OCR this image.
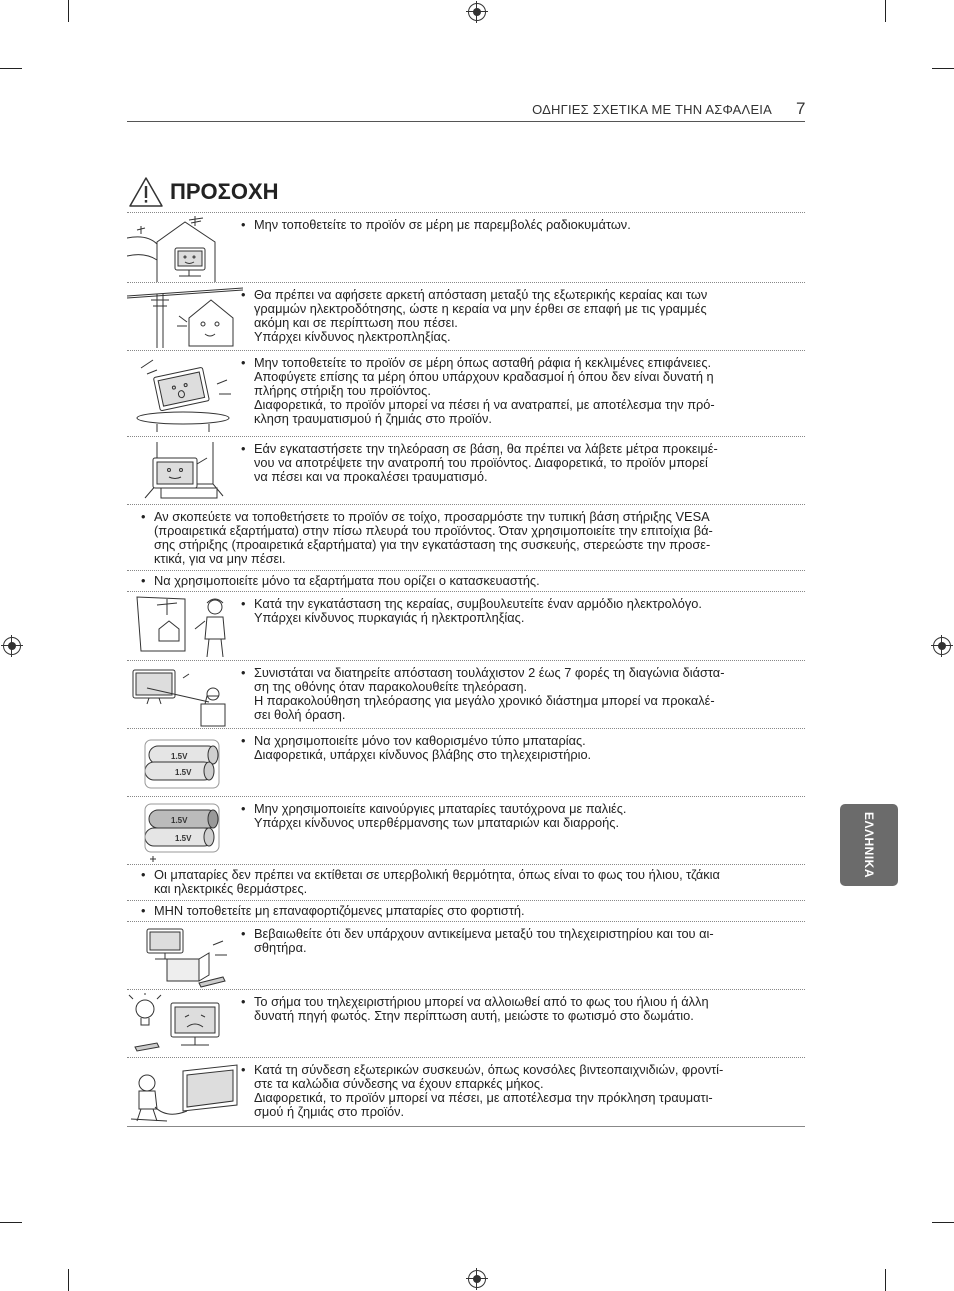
ΟΔΗΓΙΕΣ ΣΧΕΤΙΚΑ ΜΕ ΤΗΝ ΑΣΦΑΛΕΙΑ 7
ΠΡΟΣΟΧΗ
• Μην τοποθετείτε το προϊόν σε μέρη με παρεμβολές ραδιοκυμάτων.
• Θα πρέπει να αφήσετε αρκετή απόσταση μεταξύ της εξωτερικής κεραίας και των
γραμμών ηλεκτροδότησης, ώστε η κεραία να μην έρθει σε επαφή με τις γραμμές
ακόμη και σε περίπτωση που πέσει.
Υπάρχει κίνδυνος ηλεκτροπληξίας.
• Μην τοποθετείτε το προϊόν σε μέρη όπως ασταθή ράφια ή κεκλιμένες επιφάνειες.
Αποφύγετε επίσης τα μέρη όπου υπάρχουν κραδασμοί ή όπου δεν είναι δυνατή η
πλήρης στήριξη του προϊόντος.
Διαφορετικά, το προϊόν μπορεί να πέσει ή να ανατραπεί, με αποτέλεσμα την πρό-
κληση τραυματισμού ή ζημιάς στο προϊόν.
• Εάν εγκαταστήσετε την τηλεόραση σε βάση, θα πρέπει να λάβετε μέτρα προκειμέ-
νου να αποτρέψετε την ανατροπή του προϊόντος. Διαφορετικά, το προϊόν μπορεί
να πέσει και να προκαλέσει τραυματισμό.
• Αν σκοπεύετε να τοποθετήσετε το προϊόν σε τοίχο, προσαρμόστε την τυπική βάση στήριξης VESA
(προαιρετικά εξαρτήματα) στην πίσω πλευρά του προϊόντος. Όταν χρησιμοποιείτε την επιτοίχια βά-
σης στήριξης (προαιρετικά εξαρτήματα) για την εγκατάσταση της συσκευής, στερεώστε την προσε-
κτικά, για να μην πέσει.
• Να χρησιμοποιείτε μόνο τα εξαρτήματα που ορίζει ο κατασκευαστής.
• Κατά την εγκατάσταση της κεραίας, συμβουλευτείτε έναν αρμόδιο ηλεκτρολόγο.
Υπάρχει κίνδυνος πυρκαγιάς ή ηλεκτροπληξίας.
• Συνιστάται να διατηρείτε απόσταση τουλάχιστον 2 έως 7 φορές τη διαγώνια διάστα-
ση της οθόνης όταν παρακολουθείτε τηλεόραση.
Η παρακολούθηση τηλεόρασης για μεγάλο χρονικό διάστημα μπορεί να προκαλέ-
σει θολή όραση.
1.5V
1.5V
• Να χρησιμοποιείτε μόνο τον καθορισμένο τύπο μπαταρίας.
Διαφορετικά, υπάρχει κίνδυνος βλάβης στο τηλεχειριστήριο.
1.5V
1.5V
• Μην χρησιμοποιείτε καινούργιες μπαταρίες ταυτόχρονα με παλιές.
Υπάρχει κίνδυνος υπερθέρμανσης των μπαταριών και διαρροής.
• Οι μπαταρίες δεν πρέπει να εκτίθεται σε υπερβολική θερμότητα, όπως είναι το φως του ήλιου, τζάκια
και ηλεκτρικές θερμάστρες.
• ΜΗΝ τοποθετείτε μη επαναφορτιζόμενες μπαταρίες στο φορτιστή.
• Βεβαιωθείτε ότι δεν υπάρχουν αντικείμενα μεταξύ του τηλεχειριστηρίου και του αι-
σθητήρα.
• Το σήμα του τηλεχειριστήριου μπορεί να αλλοιωθεί από το φως του ήλιου ή άλλη
δυνατή πηγή φωτός. Στην περίπτωση αυτή, μειώστε το φωτισμό στο δωμάτιο.
• Κατά τη σύνδεση εξωτερικών συσκευών, όπως κονσόλες βιντεοπαιχνιδιών, φροντί-
στε τα καλώδια σύνδεσης να έχουν επαρκές μήκος.
Διαφορετικά, το προϊόν μπορεί να πέσει, με αποτέλεσμα την πρόκληση τραυματι-
σμού ή ζημιάς στο προϊόν.
ΕΛΛΗΝΙΚΑ
